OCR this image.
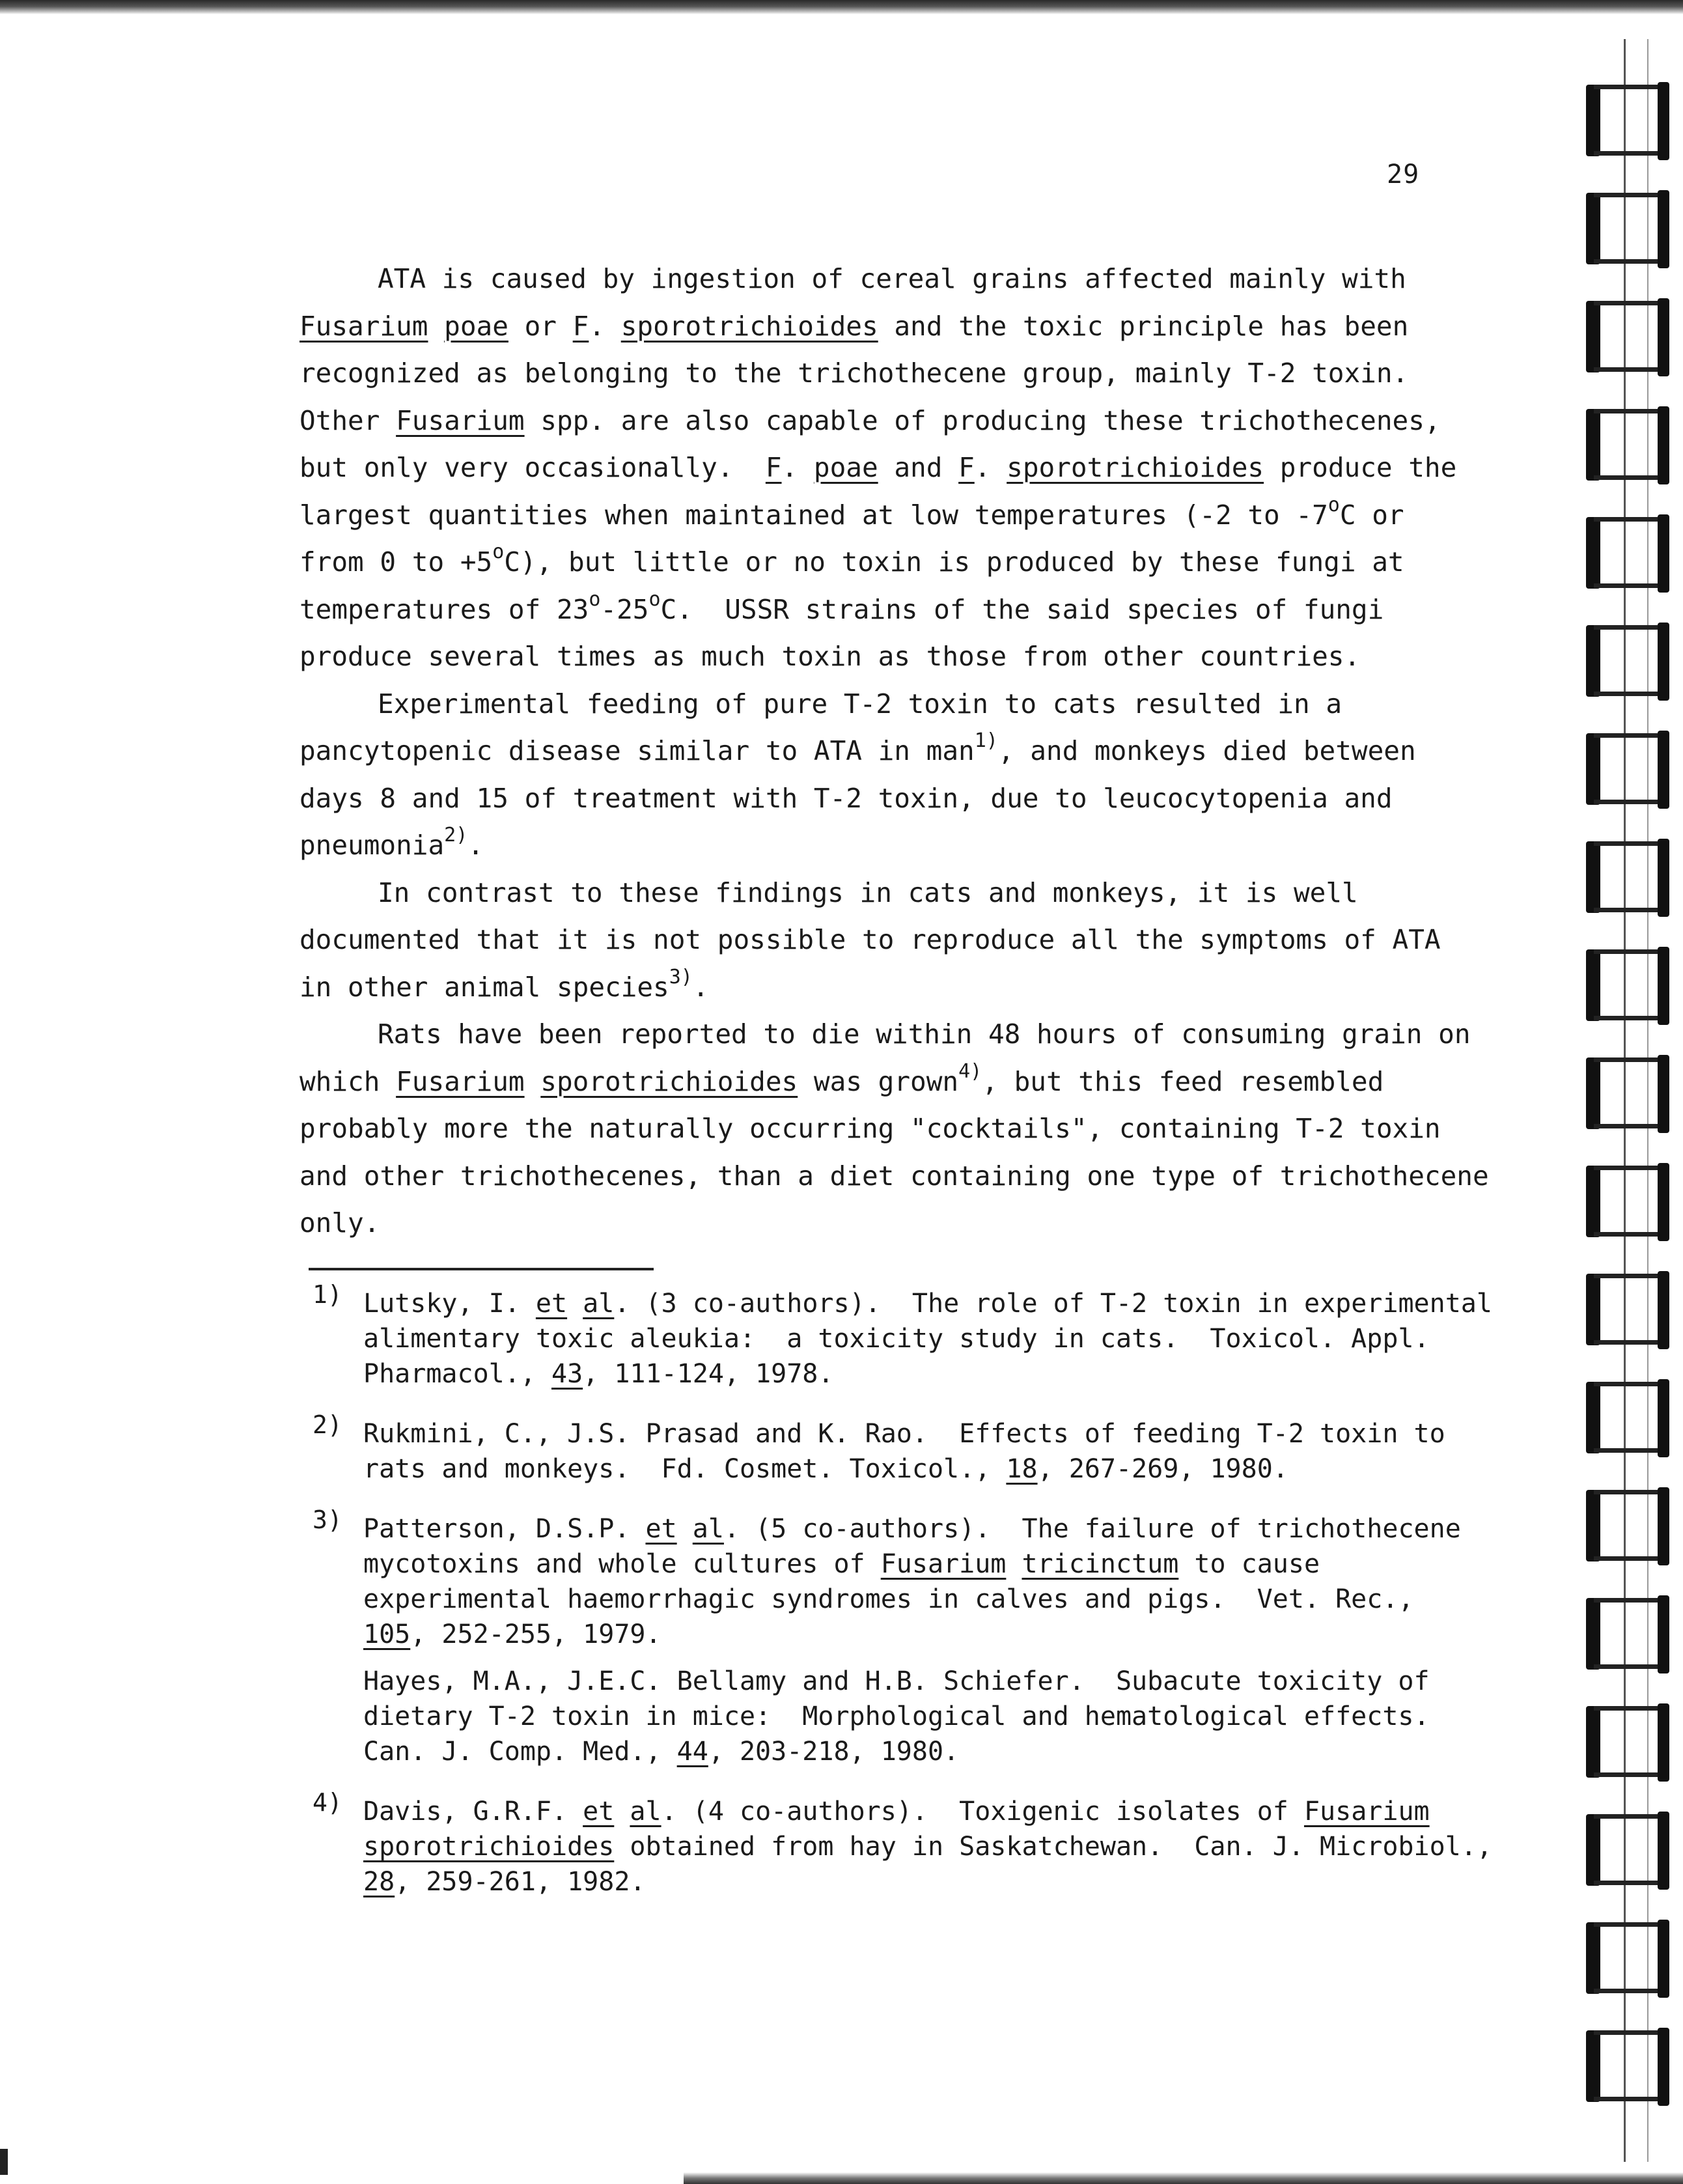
29

ATA is caused by ingestion of cereal grains affected mainly with
Fusarium poae or F. sporotrichioides and the toxic principle has been
recognized as belonging to the trichothecene group, mainly T-2 toxin.
Other Fusarium spp. are also capable of producing these trichothecenes,
but only very occasionally.  F. poae and F. sporotrichioides produce the
largest quantities when maintained at low temperatures (-2 to -7$^o$C or
from 0 to $+5^oC$), but little or no toxin is produced by these fungi at
temperatures of 23$^o$-25$^o$C.  USSR strains of the said species of fungi
produce several times as much toxin as those from other countries.

Experimental feeding of pure T-2 toxin to cats resulted in a
pancytopenic disease similar to ATA in man$^{1)}$, and monkeys died between
days 8 and 15 of treatment with T-2 toxin, due to leucocytopenia and
pneumonia$^{2)}$.

In contrast to these findings in cats and monkeys, it is well
documented that it is not possible to reproduce all the symptoms of ATA
in other animal species$^{3)}$.

Rats have been reported to die within 48 hours of consuming grain on
which Fusarium sporotrichioides was grown$^{4)}$, but this feed resembled
probably more the naturally occurring "cocktails", containing T-2 toxin
and other trichothecenes, than a diet containing one type of trichothecene
only.

1) Lutsky, I. et al. (3 co-authors).  The role of T-2 toxin in experimental
alimentary toxic aleukia:  a toxicity study in cats.  Toxicol. Appl.
Pharmacol., 43, 111-124, 1978.
2) Rukmini, C., J.S. Prasad and K. Rao.  Effects of feeding T-2 toxin to
rats and monkeys.  Fd. Cosmet. Toxicol., 18, 267-269, 1980.
3) Patterson, D.S.P. et al. (5 co-authors).  The failure of trichothecene
mycotoxins and whole cultures of Fusarium tricinctum to cause
experimental haemorrhagic syndromes in calves and pigs.  Vet. Rec.,
105, 252-255, 1979.
Hayes, M.A., J.E.C. Bellamy and H.B. Schiefer.  Subacute toxicity of
dietary T-2 toxin in mice:  Morphological and hematological effects.
Can. J. Comp. Med., 44, 203-218, 1980.
4) Davis, G.R.F. et al. (4 co-authors).  Toxigenic isolates of Fusarium
sporotrichioides obtained from hay in Saskatchewan.  Can. J. Microbiol.,
28, 259-261, 1982.
